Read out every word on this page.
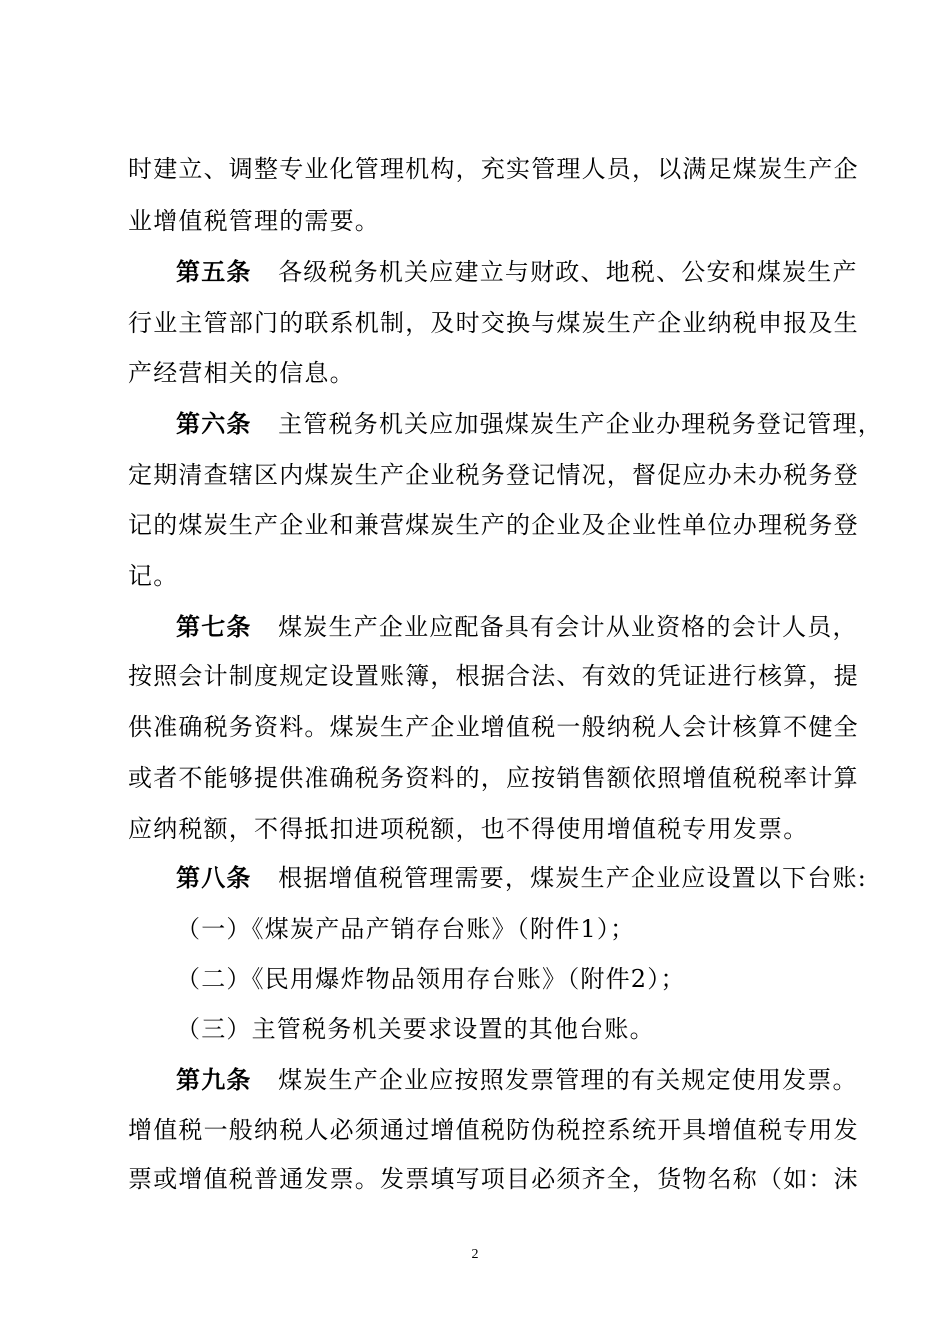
时建立、调整专业化管理机构，充实管理人员，以满足煤炭生产企
业增值税管理的需要。
第五条 各级税务机关应建立与财政、地税、公安和煤炭生产
行业主管部门的联系机制，及时交换与煤炭生产企业纳税申报及生
产经营相关的信息。
第六条 主管税务机关应加强煤炭生产企业办理税务登记管理，
定期清查辖区内煤炭生产企业税务登记情况，督促应办未办税务登
记的煤炭生产企业和兼营煤炭生产的企业及企业性单位办理税务登
记。
第七条 煤炭生产企业应配备具有会计从业资格的会计人员，
按照会计制度规定设置账簿，根据合法、有效的凭证进行核算，提
供准确税务资料。煤炭生产企业增值税一般纳税人会计核算不健全
或者不能够提供准确税务资料的，应按销售额依照增值税税率计算
应纳税额，不得抵扣进项税额，也不得使用增值税专用发票。
第八条 根据增值税管理需要，煤炭生产企业应设置以下台账:
（一）《煤炭产品产销存台账》（附件1）；
（二）《民用爆炸物品领用存台账》（附件2）；
（三）主管税务机关要求设置的其他台账。
第九条 煤炭生产企业应按照发票管理的有关规定使用发票。
增值税一般纳税人必须通过增值税防伪税控系统开具增值税专用发
票或增值税普通发票。发票填写项目必须齐全，货物名称（如：沫
2
